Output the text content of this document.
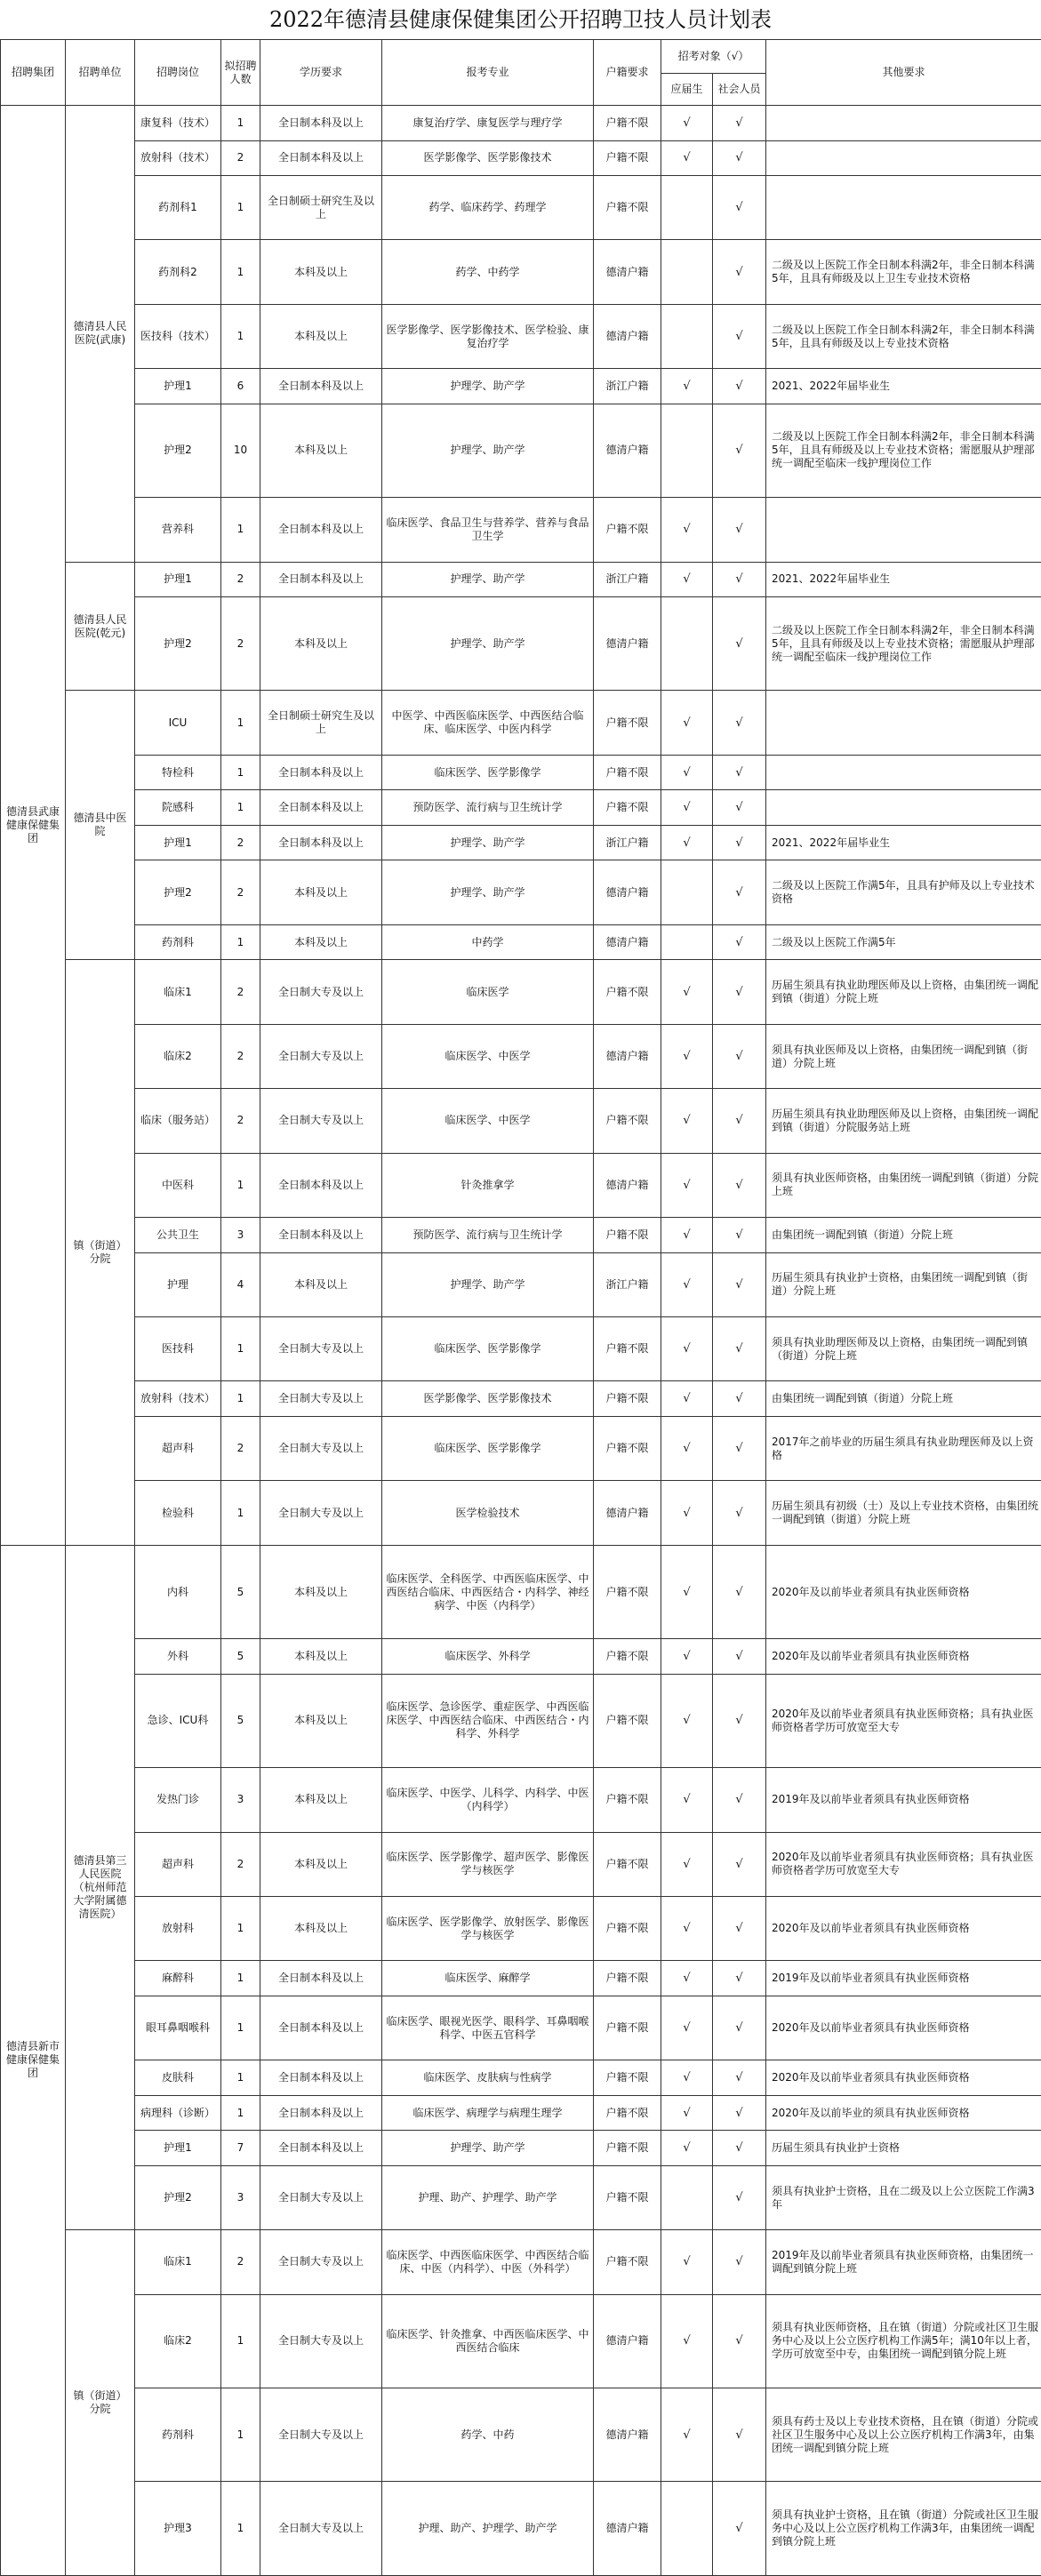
2022年德清县健康保健集团公开招聘卫技人员计划表
招聘集团	招聘单位	招聘岗位	拟招聘人数	学历要求	报考专业	户籍要求	招考对象（√）		其他要求
							应届生	社会人员	
德清县武康健康保健集团	德清县人民医院(武康)	康复科（技术）	1	全日制本科及以上	康复治疗学、康复医学与理疗学	户籍不限	√	√	
		放射科（技术）	2	全日制本科及以上	医学影像学、医学影像技术	户籍不限	√	√	
		药剂科1	1	全日制硕士研究生及以上	药学、临床药学、药理学	户籍不限		√	
		药剂科2	1	本科及以上	药学、中药学	德清户籍		√	二级及以上医院工作全日制本科满2年，非全日制本科满5年，且具有师级及以上卫生专业技术资格
		医技科（技术）	1	本科及以上	医学影像学、医学影像技术、医学检验、康复治疗学	德清户籍		√	二级及以上医院工作全日制本科满2年，非全日制本科满5年，且具有师级及以上专业技术资格
		护理1	6	全日制本科及以上	护理学、助产学	浙江户籍	√	√	2021、2022年届毕业生
		护理2	10	本科及以上	护理学、助产学	德清户籍		√	二级及以上医院工作全日制本科满2年，非全日制本科满5年，且具有师级及以上专业技术资格；需愿服从护理部统一调配至临床一线护理岗位工作
		营养科	1	全日制本科及以上	临床医学、食品卫生与营养学、营养与食品卫生学	户籍不限	√	√	
	德清县人民医院(乾元)	护理1	2	全日制本科及以上	护理学、助产学	浙江户籍	√	√	2021、2022年届毕业生
		护理2	2	本科及以上	护理学、助产学	德清户籍		√	二级及以上医院工作全日制本科满2年，非全日制本科满5年，且具有师级及以上专业技术资格；需愿服从护理部统一调配至临床一线护理岗位工作
	德清县中医院	ICU	1	全日制硕士研究生及以上	中医学、中西医临床医学、中西医结合临床、临床医学、中医内科学	户籍不限	√	√	
		特检科	1	全日制本科及以上	临床医学、医学影像学	户籍不限	√	√	
		院感科	1	全日制本科及以上	预防医学、流行病与卫生统计学	户籍不限	√	√	
		护理1	2	全日制本科及以上	护理学、助产学	浙江户籍	√	√	2021、2022年届毕业生
		护理2	2	本科及以上	护理学、助产学	德清户籍		√	二级及以上医院工作满5年，且具有护师及以上专业技术资格
		药剂科	1	本科及以上	中药学	德清户籍		√	二级及以上医院工作满5年
	镇（街道）分院	临床1	2	全日制大专及以上	临床医学	户籍不限	√	√	历届生须具有执业助理医师及以上资格，由集团统一调配到镇（街道）分院上班
		临床2	2	全日制大专及以上	临床医学、中医学	德清户籍	√	√	须具有执业医师及以上资格，由集团统一调配到镇（街道）分院上班
		临床（服务站）	2	全日制大专及以上	临床医学、中医学	户籍不限	√	√	历届生须具有执业助理医师及以上资格，由集团统一调配到镇（街道）分院服务站上班
		中医科	1	全日制本科及以上	针灸推拿学	德清户籍	√	√	须具有执业医师资格，由集团统一调配到镇（街道）分院上班
		公共卫生	3	全日制本科及以上	预防医学、流行病与卫生统计学	户籍不限	√	√	由集团统一调配到镇（街道）分院上班
		护理	4	本科及以上	护理学、助产学	浙江户籍	√	√	历届生须具有执业护士资格，由集团统一调配到镇（街道）分院上班
		医技科	1	全日制大专及以上	临床医学、医学影像学	户籍不限	√	√	须具有执业助理医师及以上资格，由集团统一调配到镇（街道）分院上班
		放射科（技术）	1	全日制大专及以上	医学影像学、医学影像技术	户籍不限	√	√	由集团统一调配到镇（街道）分院上班
		超声科	2	全日制大专及以上	临床医学、医学影像学	户籍不限	√	√	2017年之前毕业的历届生须具有执业助理医师及以上资格
		检验科	1	全日制大专及以上	医学检验技术	德清户籍	√	√	历届生须具有初级（士）及以上专业技术资格，由集团统一调配到镇（街道）分院上班
德清县新市健康保健集团	德清县第三人民医院（杭州师范大学附属德清医院）	内科	5	本科及以上	临床医学、全科医学、中西医临床医学、中西医结合临床、中西医结合・内科学、神经病学、中医（内科学）	户籍不限	√	√	2020年及以前毕业者须具有执业医师资格
		外科	5	本科及以上	临床医学、外科学	户籍不限	√	√	2020年及以前毕业者须具有执业医师资格
		急诊、ICU科	5	本科及以上	临床医学、急诊医学、重症医学、中西医临床医学、中西医结合临床、中西医结合・内科学、外科学	户籍不限	√	√	2020年及以前毕业者须具有执业医师资格；具有执业医师资格者学历可放宽至大专
		发热门诊	3	本科及以上	临床医学、中医学、儿科学、内科学、中医（内科学）	户籍不限	√	√	2019年及以前毕业者须具有执业医师资格
		超声科	2	本科及以上	临床医学、医学影像学、超声医学、影像医学与核医学	户籍不限	√	√	2020年及以前毕业者须具有执业医师资格；具有执业医师资格者学历可放宽至大专
		放射科	1	本科及以上	临床医学、医学影像学、放射医学、影像医学与核医学	户籍不限	√	√	2020年及以前毕业者须具有执业医师资格
		麻醉科	1	全日制本科及以上	临床医学、麻醉学	户籍不限	√	√	2019年及以前毕业者须具有执业医师资格
		眼耳鼻咽喉科	1	全日制本科及以上	临床医学、眼视光医学、眼科学、耳鼻咽喉科学、中医五官科学	户籍不限	√	√	2020年及以前毕业者须具有执业医师资格
		皮肤科	1	全日制本科及以上	临床医学、皮肤病与性病学	户籍不限	√	√	2020年及以前毕业者须具有执业医师资格
		病理科（诊断）	1	全日制本科及以上	临床医学、病理学与病理生理学	户籍不限	√	√	2020年及以前毕业的须具有执业医师资格
		护理1	7	全日制本科及以上	护理学、助产学	户籍不限	√	√	历届生须具有执业护士资格
		护理2	3	全日制大专及以上	护理、助产、护理学、助产学	户籍不限		√	须具有执业护士资格，且在二级及以上公立医院工作满3年
	镇（街道）分院	临床1	2	全日制大专及以上	临床医学、中西医临床医学、中西医结合临床、中医（内科学）、中医（外科学）	户籍不限	√	√	2019年及以前毕业者须具有执业医师资格，由集团统一调配到镇分院上班
		临床2	1	全日制大专及以上	临床医学、针灸推拿、中西医临床医学、中西医结合临床	德清户籍	√	√	须具有执业医师资格，且在镇（街道）分院或社区卫生服务中心及以上公立医疗机构工作满5年；满10年以上者，学历可放宽至中专，由集团统一调配到镇分院上班
		药剂科	1	全日制大专及以上	药学、中药	德清户籍	√	√	须具有药士及以上专业技术资格，且在镇（街道）分院或社区卫生服务中心及以上公立医疗机构工作满3年，由集团统一调配到镇分院上班
		护理3	1	全日制大专及以上	护理、助产、护理学、助产学	德清户籍		√	须具有执业护士资格，且在镇（街道）分院或社区卫生服务中心及以上公立医疗机构工作满3年，由集团统一调配到镇分院上班
